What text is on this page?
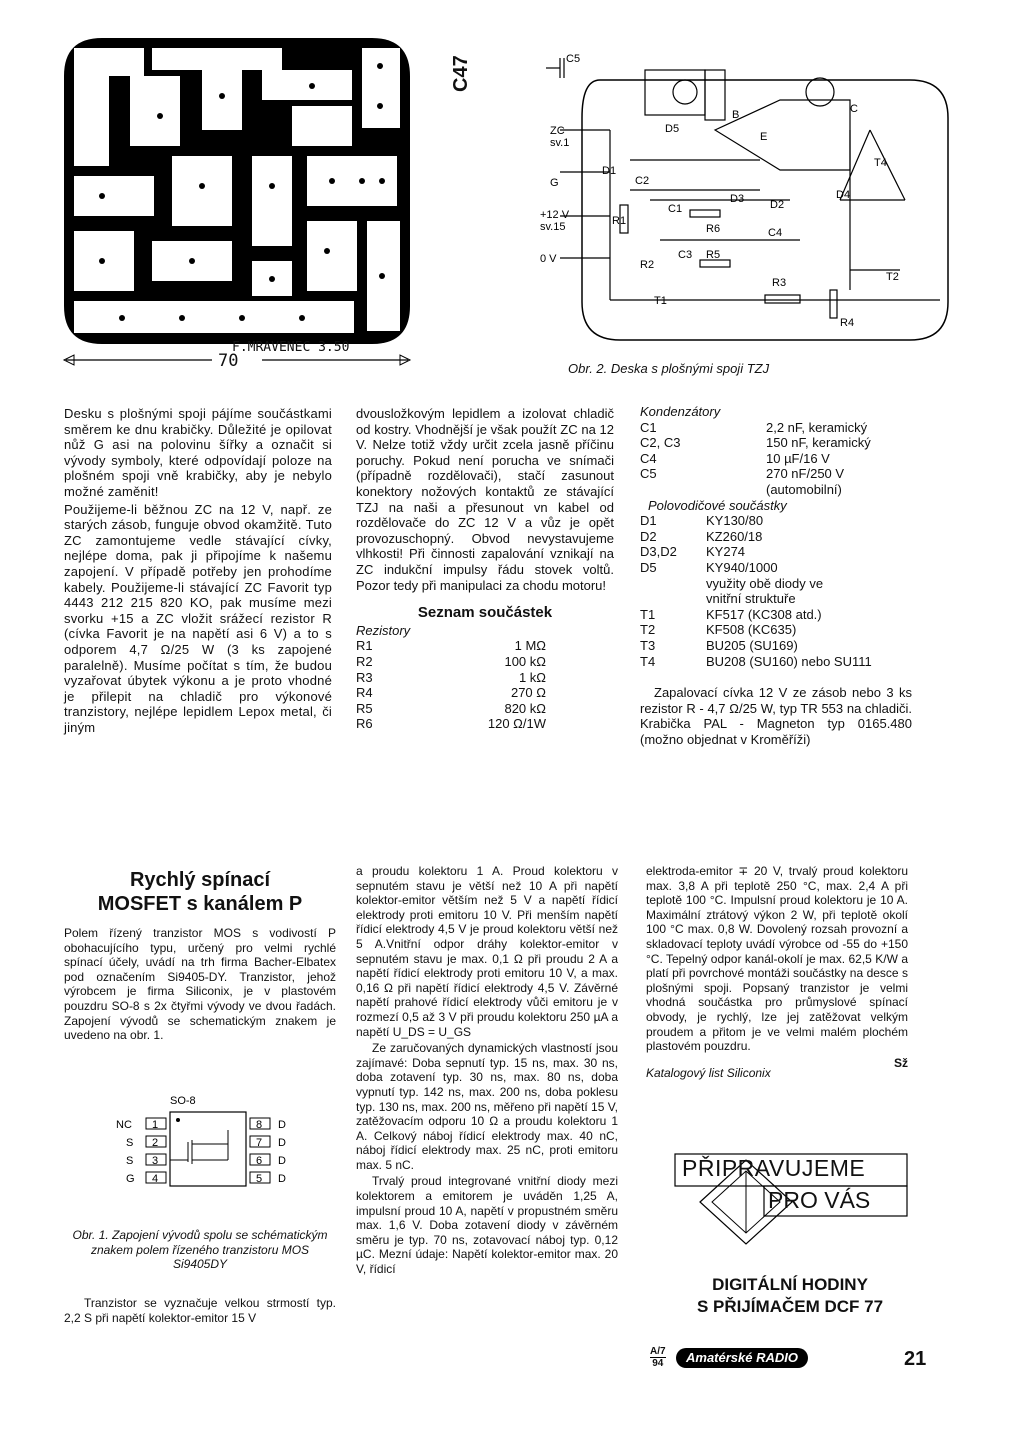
F.MRAVENEC 3.50
70
C47
ZC
sv.1
G
+12 V
sv.15
0 V
C5
D5
D1
C2
C1
R1
R6
R2
C3 R5
R3
R4
D3 D2
C4
D4
T1
T2
T4
B	C
E
Obr. 2. Deska s plošnými spoji TZJ

Desku s plošnými spoji pájíme součástkami směrem ke dnu krabičky. Důležité je opilovat nůž G asi na polovinu šířky a označit si vývody symboly, které odpovídají poloze na plošném spoji vně krabičky, aby je nebylo možné zaměnit!

Použijeme-li běžnou ZC na 12 V, např. ze starých zásob, funguje obvod okamžitě. Tuto ZC zamontujeme vedle stávající cívky, nejlépe doma, pak ji připojíme k našemu zapojení. V případě potřeby jen prohodíme kabely. Použijeme-li stávající ZC Favorit typ 4443 212 215 820 KO, pak musíme mezi svorku +15 a ZC vložit srážecí rezistor R (cívka Favorit je na napětí asi 6 V) a to s odporem 4,7 Ω/25 W (3 ks zapojené paralelně). Musíme počítat s tím, že budou vyzařovat úbytek výkonu a je proto vhodné je přilepit na chladič pro výkonové tranzistory, nejlépe lepidlem Lepox metal, či jiným

dvousložkovým lepidlem a izolovat chladič od kostry. Vhodnější je však použít ZC na 12 V. Nelze totiž vždy určit zcela jasně příčinu poruchy. Pokud není porucha ve snímači (případně rozdělovači), stačí zasunout konektory nožových kontaktů ze stávající TZJ na naši a přesunout vn kabel od rozdělovače do ZC 12 V a vůz je opět provozuschopný. Obvod nevystavujeme vlhkosti! Při činnosti zapalování vznikají na ZC indukční impulsy řádu stovek voltů. Pozor tedy při manipulaci za chodu motoru!

Seznam součástek
Rezistory
R1	1 MΩ
R2	100 kΩ
R3	1 kΩ
R4	270 Ω
R5	820 kΩ
R6	120 Ω/1W
Kondenzátory
C1	2,2 nF, keramický
C2, C3	150 nF, keramický
C4	10 µF/16 V
C5	270 nF/250 V
	(automobilní)
Polovodičové součástky
D1	KY130/80
D2	KZ260/18
D3,D2	KY274
D5	KY940/1000
	využity obě diody ve
	vnitřní struktuře
T1	KF517 (KC308 atd.)
T2	KF508 (KC635)
T3	BU205 (SU169)
T4	BU208 (SU160) nebo SU111

Zapalovací cívka 12 V ze zásob nebo 3 ks rezistor R - 4,7 Ω/25 W, typ TR 553 na chladiči. Krabička PAL - Magneton typ 0165.480 (možno objednat v Kroměříži)

Rychlý spínací
MOSFET s kanálem P

Polem řízený tranzistor MOS s vodivostí P obohacujícího typu, určený pro velmi rychlé spínací účely, uvádí na trh firma Bacher-Elbatex pod označením Si9405-DY. Tranzistor, jehož výrobcem je firma Siliconix, je v plastovém pouzdru SO-8 s 2x čtyřmi vývody ve dvou řadách. Zapojení vývodů se schematickým znakem je uvedeno na obr. 1.

SO-8
NC 1
S 2
S 3
G 4
8 D
7 D
6 D
5 D
Obr. 1. Zapojení vývodů spolu se schématickým znakem polem řízeného tranzistoru MOS Si9405DY
Tranzistor se vyznačuje velkou strmostí typ. 2,2 S při napětí kolektor-emitor 15 V

a proudu kolektoru 1 A. Proud kolektoru v sepnutém stavu je větší než 10 A při napětí kolektor-emitor větším než 5 V a napětí řídicí elektrody proti emitoru 10 V. Při menším napětí řídicí elektrody 4,5 V je proud kolektoru větší než 5 A.Vnitřní odpor dráhy kolektor-emitor v sepnutém stavu je max. 0,1 Ω při proudu 2 A a napětí řídicí elektrody proti emitoru 10 V, a max. 0,16 Ω při napětí řídicí elektrody 4,5 V. Závěrné napětí prahové řídicí elektrody vůči emitoru je v rozmezí 0,5 až 3 V při proudu kolektoru 250 µA a napětí U_DS = U_GS

Ze zaručovaných dynamických vlastností jsou zajímavé: Doba sepnutí typ. 15 ns, max. 30 ns, doba zotavení typ. 30 ns, max. 80 ns, doba vypnutí typ. 142 ns, max. 200 ns, doba poklesu typ. 130 ns, max. 200 ns, měřeno při napětí 15 V, zatěžovacím odporu 10 Ω a proudu kolektoru 1 A. Celkový náboj řídicí elektrody max. 40 nC, náboj řídicí elektrody max. 25 nC, proti emitoru max. 5 nC.

Trvalý proud integrované vnitřní diody mezi kolektorem a emitorem je uváděn 1,25 A, impulsní proud 10 A, napětí v propustném směru max. 1,6 V. Doba zotavení diody v závěrném směru je typ. 70 ns, zotavovací náboj typ. 0,12 µC. Mezní údaje: Napětí kolektor-emitor max. 20 V, řídicí

elektroda-emitor ∓ 20 V, trvalý proud kolektoru max. 3,8 A při teplotě 250 °C, max. 2,4 A při teplotě 100 °C. Impulsní proud kolektoru je 10 A. Maximální ztrátový výkon 2 W, při teplotě okolí 100 °C max. 0,8 W. Dovolený rozsah provozní a skladovací teploty uvádí výrobce od -55 do +150 °C. Tepelný odpor kanál-okolí je max. 62,5 K/W a platí při povrchové montáži součástky na desce s plošnými spoji. Popsaný tranzistor je velmi vhodná součástka pro průmyslové spínací obvody, je rychlý, lze jej zatěžovat velkým proudem a přitom je ve velmi malém plochém plastovém pouzdru.

Sž
Katalogový list Siliconix
PŘIPRAVUJEME
PRO VÁS
DIGITÁLNÍ HODINY
S PŘIJÍMAČEM DCF 77
A/7
94	Amatérské RADIO	21
